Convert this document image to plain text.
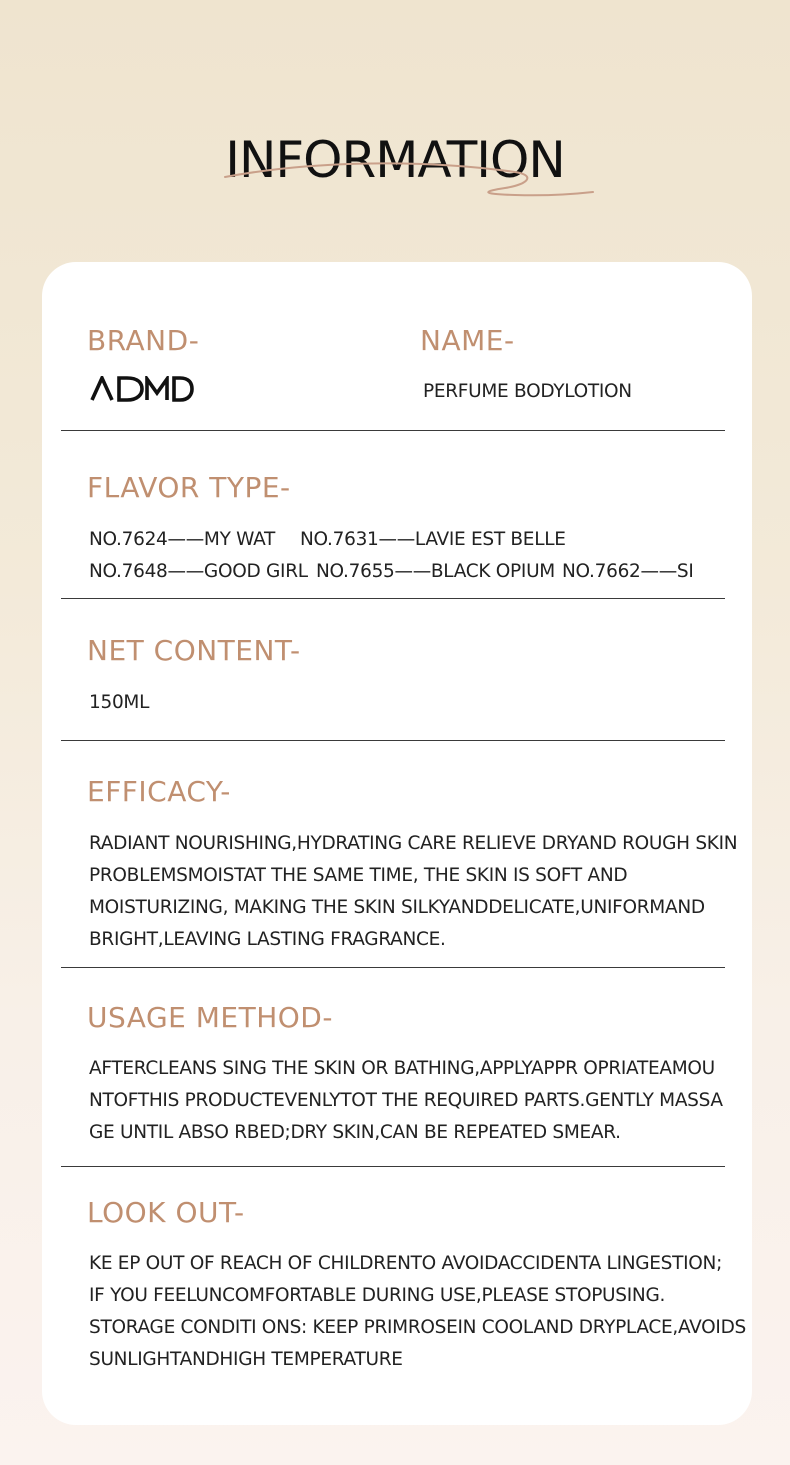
INFORMATION
BRAND-	NAME-
PERFUME BODYLOTION
FLAVOR TYPE-
NO.7624——MY WAT NO.7631——LAVIE EST BELLE
NO.7648——GOOD GIRL NO.7655——BLACK OPIUM NO.7662——SI
NET CONTENT-
150ML
EFFICACY-
RADIANT NOURISHING,HYDRATING CARE RELIEVE DRYAND ROUGH SKIN
PROBLEMSMOISTAT THE SAME TIME, THE SKIN IS SOFT AND
MOISTURIZING, MAKING THE SKIN SILKYANDDELICATE,UNIFORMAND
BRIGHT,LEAVING LASTING FRAGRANCE.
USAGE METHOD-
AFTERCLEANS SING THE SKIN OR BATHING,APPLYAPPR OPRIATEAMOU
NTOFTHIS PRODUCTEVENLYTOT THE REQUIRED PARTS.GENTLY MASSA
GE UNTIL ABSO RBED;DRY SKIN,CAN BE REPEATED SMEAR.
LOOK OUT-
KE EP OUT OF REACH OF CHILDRENTO AVOIDACCIDENTA LINGESTION;
IF YOU FEELUNCOMFORTABLE DURING USE,PLEASE STOPUSING.
STORAGE CONDITI ONS: KEEP PRIMROSEIN COOLAND DRYPLACE,AVOIDS
SUNLIGHTANDHIGH TEMPERATURE
